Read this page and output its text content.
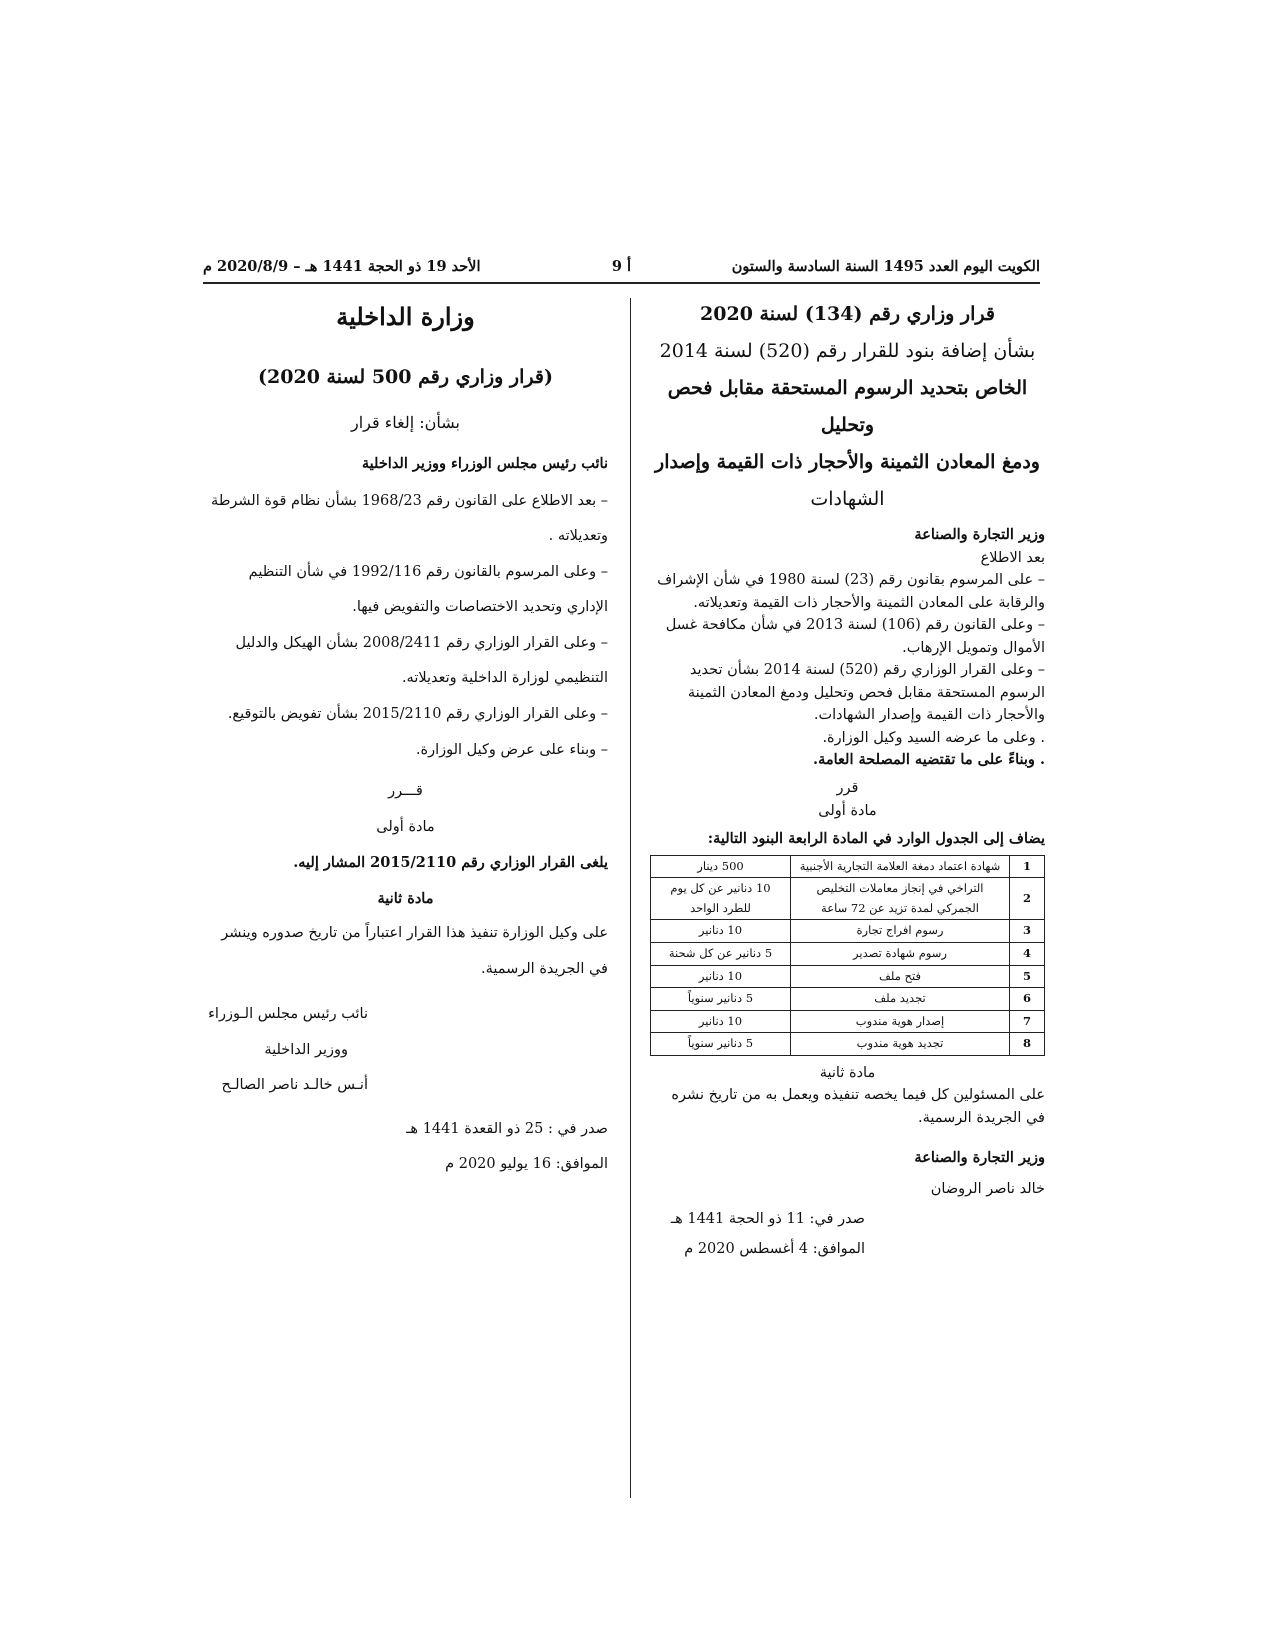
الكويت اليوم العدد 1495 السنة السادسة والستون
أ 9
الأحد 19 ذو الحجة 1441 هـ – 2020/8/9 م

قرار وزاري رقم (134) لسنة 2020

بشأن إضافة بنود للقرار رقم (520) لسنة 2014

الخاص بتحديد الرسوم المستحقة مقابل فحص وتحليل

ودمغ المعادن الثمينة والأحجار ذات القيمة وإصدار

الشهادات

وزير التجارة والصناعة

بعد الاطلاع

– على المرسوم بقانون رقم (23) لسنة 1980 في شأن الإشراف والرقابة على المعادن الثمينة والأحجار ذات القيمة وتعديلاته.

– وعلى القانون رقم (106) لسنة 2013 في شأن مكافحة غسل الأموال وتمويل الإرهاب.

– وعلى القرار الوزاري رقم (520) لسنة 2014 بشأن تحديد الرسوم المستحقة مقابل فحص وتحليل ودمغ المعادن الثمينة والأحجار ذات القيمة وإصدار الشهادات.

. وعلى ما عرضه السيد وكيل الوزارة.

. وبناءً على ما تقتضيه المصلحة العامة.

قرر

مادة أولى

يضاف إلى الجدول الوارد في المادة الرابعة البنود التالية:

1	شهادة اعتماد دمغة العلامة التجارية الأجنبية	500 دينار
2	التراخي في إنجاز معاملات التخليص الجمركي لمدة تزيد عن 72 ساعة	10 دنانير عن كل يوم للطرد الواحد
3	رسوم افراج تجارة	10 دنانير
4	رسوم شهادة تصدير	5 دنانير عن كل شحنة
5	فتح ملف	10 دنانير
6	تجديد ملف	5 دنانير سنوياً
7	إصدار هوية مندوب	10 دنانير
8	تجديد هوية مندوب	5 دنانير سنوياً

مادة ثانية

على المسئولين كل فيما يخصه تنفيذه ويعمل به من تاريخ نشره في الجريدة الرسمية.

وزير التجارة والصناعة

خالد ناصر الروضان

صدر في: 11 ذو الحجة 1441 هـ

الموافق: 4 أغسطس 2020 م

وزارة الداخلية

(قرار وزاري رقم 500 لسنة 2020)

بشأن: إلغاء قرار

نائب رئيس مجلس الوزراء ووزير الداخلية

– بعد الاطلاع على القانون رقم 1968/23 بشأن نظام قوة الشرطة وتعديلاته .

– وعلى المرسوم بالقانون رقم 1992/116 في شأن التنظيم الإداري وتحديد الاختصاصات والتفويض فيها.

– وعلى القرار الوزاري رقم 2008/2411 بشأن الهيكل والدليل التنظيمي لوزارة الداخلية وتعديلاته.

– وعلى القرار الوزاري رقم 2015/2110 بشأن تفويض بالتوقيع.

– وبناء على عرض وكيل الوزارة.

قـــرر

مادة أولى

يلغى القرار الوزاري رقم 2015/2110 المشار إليه.

مادة ثانية

على وكيل الوزارة تنفيذ هذا القرار اعتباراً من تاريخ صدوره وينشر في الجريدة الرسمية.

نائب رئيس مجلس الـوزراء

ووزير الداخلية

أنـس خالـد ناصر الصالـح

صدر في : 25 ذو القعدة 1441 هـ

الموافق: 16 يوليو 2020 م
